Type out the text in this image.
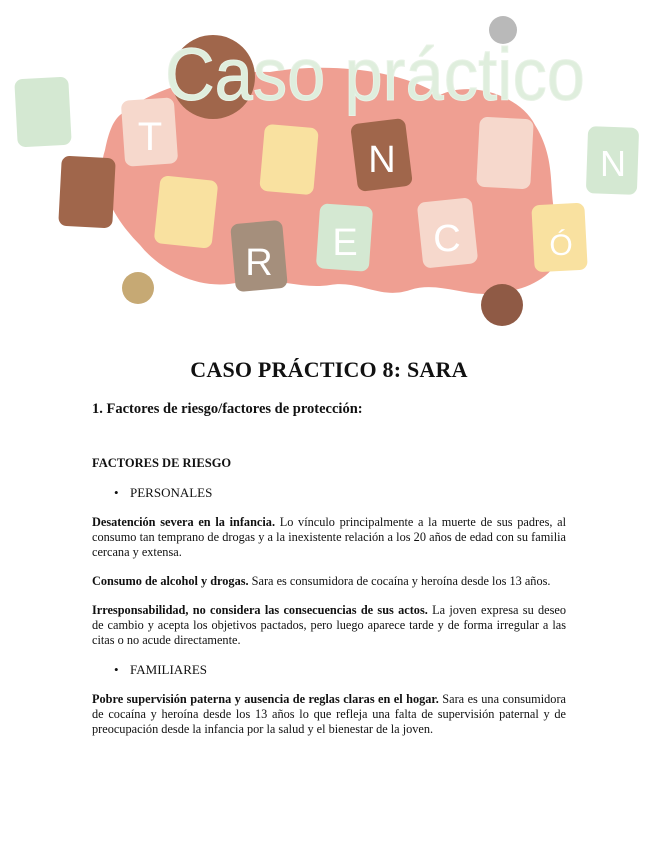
T
N	N
R E C	Ó
Caso práctico
CASO PRÁCTICO 8: SARA
1. Factores de riesgo/factores de protección:
FACTORES DE RIESGO
• PERSONALES

Desatención severa en la infancia. Lo vínculo principalmente a la muerte de sus padres, al consumo tan temprano de drogas y a la inexistente relación a los 20 años de edad con su familia cercana y extensa.

Consumo de alcohol y drogas. Sara es consumidora de cocaína y heroína desde los 13 años.

Irresponsabilidad, no considera las consecuencias de sus actos. La joven expresa su deseo de cambio y acepta los objetivos pactados, pero luego aparece tarde y de forma irregular a las citas o no acude directamente.

• FAMILIARES

Pobre supervisión paterna y ausencia de reglas claras en el hogar. Sara es una consumidora de cocaína y heroína desde los 13 años lo que refleja una falta de supervisión paternal y de preocupación desde la infancia por la salud y el bienestar de la joven.
